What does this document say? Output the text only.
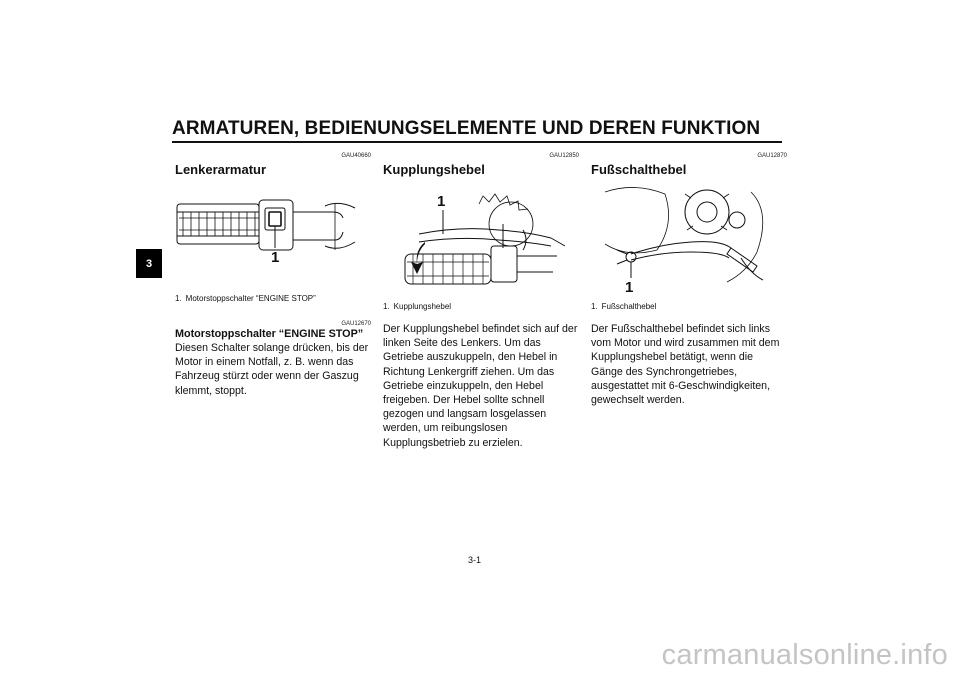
ARMATUREN, BEDIENUNGSELEMENTE UND DEREN FUNKTION
3
GAU40660
Lenkerarmatur
1
1. Motorstoppschalter “ENGINE STOP”
GAU12670
Motorstoppschalter “ENGINE STOP”
Diesen Schalter solange drücken, bis der Motor in einem Notfall, z. B. wenn das Fahrzeug stürzt oder wenn der Gaszug klemmt, stoppt.
GAU12850
Kupplungshebel
1
1. Kupplungshebel
Der Kupplungshebel befindet sich auf der linken Seite des Lenkers. Um das Getriebe auszukuppeln, den Hebel in Richtung Lenkergriff ziehen. Um das Getriebe einzukuppeln, den Hebel freigeben. Der Hebel sollte schnell gezogen und langsam losgelassen werden, um reibungslosen Kupplungsbetrieb zu erzielen.
GAU12870
Fußschalthebel
1
1. Fußschalthebel
Der Fußschalthebel befindet sich links vom Motor und wird zusammen mit dem Kupplungshebel betätigt, wenn die Gänge des Synchrongetriebes, ausgestattet mit 6-Geschwindigkeiten, gewechselt werden.
3-1
carmanualsonline.info
